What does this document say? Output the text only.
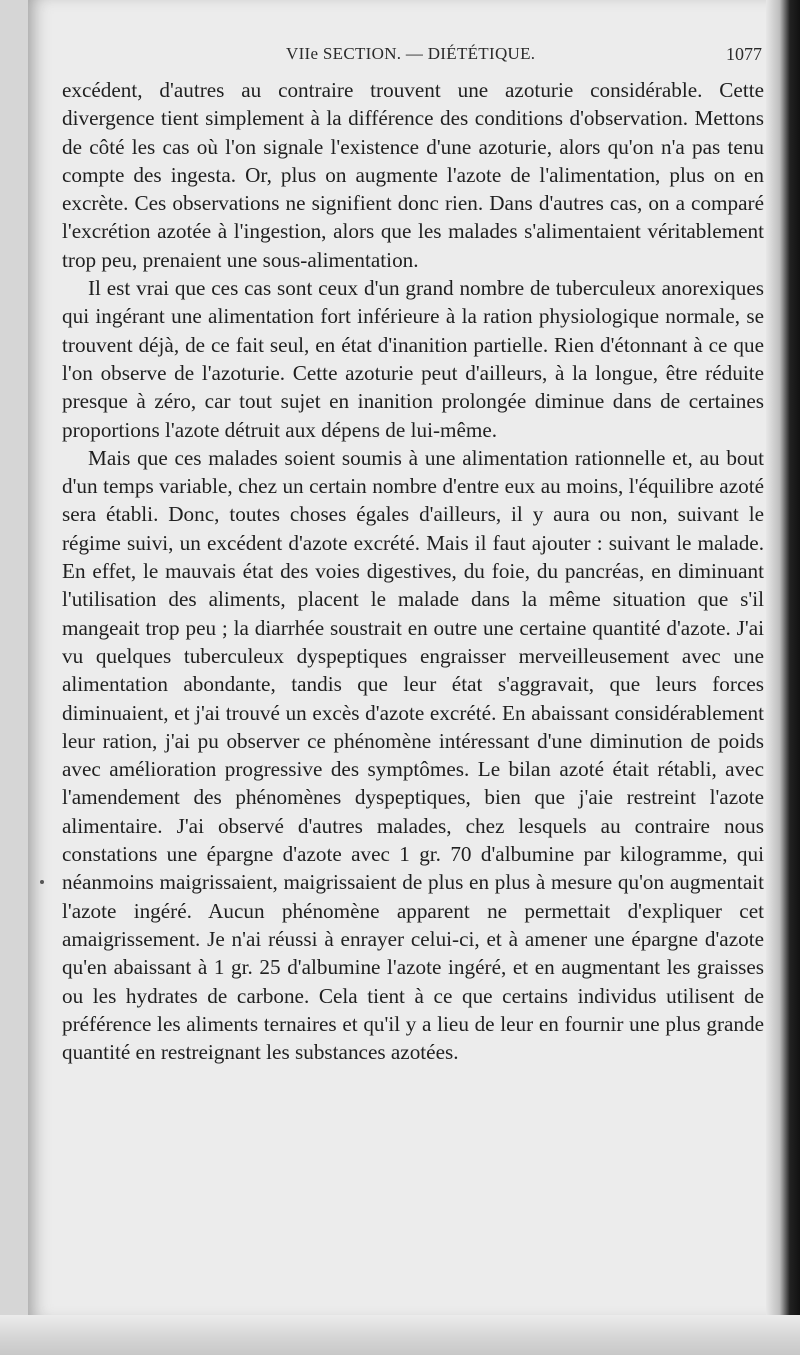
VIIe SECTION. — DIÉTÉTIQUE.	1077

excédent, d'autres au contraire trouvent une azoturie considérable. Cette divergence tient simplement à la différence des conditions d'observation. Mettons de côté les cas où l'on signale l'existence d'une azoturie, alors qu'on n'a pas tenu compte des ingesta. Or, plus on augmente l'azote de l'alimentation, plus on en excrète. Ces observations ne signifient donc rien. Dans d'autres cas, on a comparé l'excrétion azotée à l'ingestion, alors que les malades s'alimentaient véritablement trop peu, prenaient une sous-alimentation.

Il est vrai que ces cas sont ceux d'un grand nombre de tuberculeux anorexiques qui ingérant une alimentation fort inférieure à la ration physiologique normale, se trouvent déjà, de ce fait seul, en état d'inanition partielle. Rien d'étonnant à ce que l'on observe de l'azoturie. Cette azoturie peut d'ailleurs, à la longue, être réduite presque à zéro, car tout sujet en inanition prolongée diminue dans de certaines proportions l'azote détruit aux dépens de lui-même.

Mais que ces malades soient soumis à une alimentation rationnelle et, au bout d'un temps variable, chez un certain nombre d'entre eux au moins, l'équilibre azoté sera établi. Donc, toutes choses égales d'ailleurs, il y aura ou non, suivant le régime suivi, un excédent d'azote excrété. Mais il faut ajouter : suivant le malade. En effet, le mauvais état des voies digestives, du foie, du pancréas, en diminuant l'utilisation des aliments, placent le malade dans la même situation que s'il mangeait trop peu ; la diarrhée soustrait en outre une certaine quantité d'azote. J'ai vu quelques tuberculeux dyspeptiques engraisser merveilleusement avec une alimentation abondante, tandis que leur état s'aggravait, que leurs forces diminuaient, et j'ai trouvé un excès d'azote excrété. En abaissant considérablement leur ration, j'ai pu observer ce phénomène intéressant d'une diminution de poids avec amélioration progressive des symptômes. Le bilan azoté était rétabli, avec l'amendement des phénomènes dyspeptiques, bien que j'aie restreint l'azote alimentaire. J'ai observé d'autres malades, chez lesquels au contraire nous constations une épargne d'azote avec 1 gr. 70 d'albumine par kilogramme, qui néanmoins maigrissaient, maigrissaient de plus en plus à mesure qu'on augmentait l'azote ingéré. Aucun phénomène apparent ne permettait d'expliquer cet amaigrissement. Je n'ai réussi à enrayer celui-ci, et à amener une épargne d'azote qu'en abaissant à 1 gr. 25 d'albumine l'azote ingéré, et en augmentant les graisses ou les hydrates de carbone. Cela tient à ce que certains individus utilisent de préférence les aliments ternaires et qu'il y a lieu de leur en fournir une plus grande quantité en restreignant les substances azotées.
